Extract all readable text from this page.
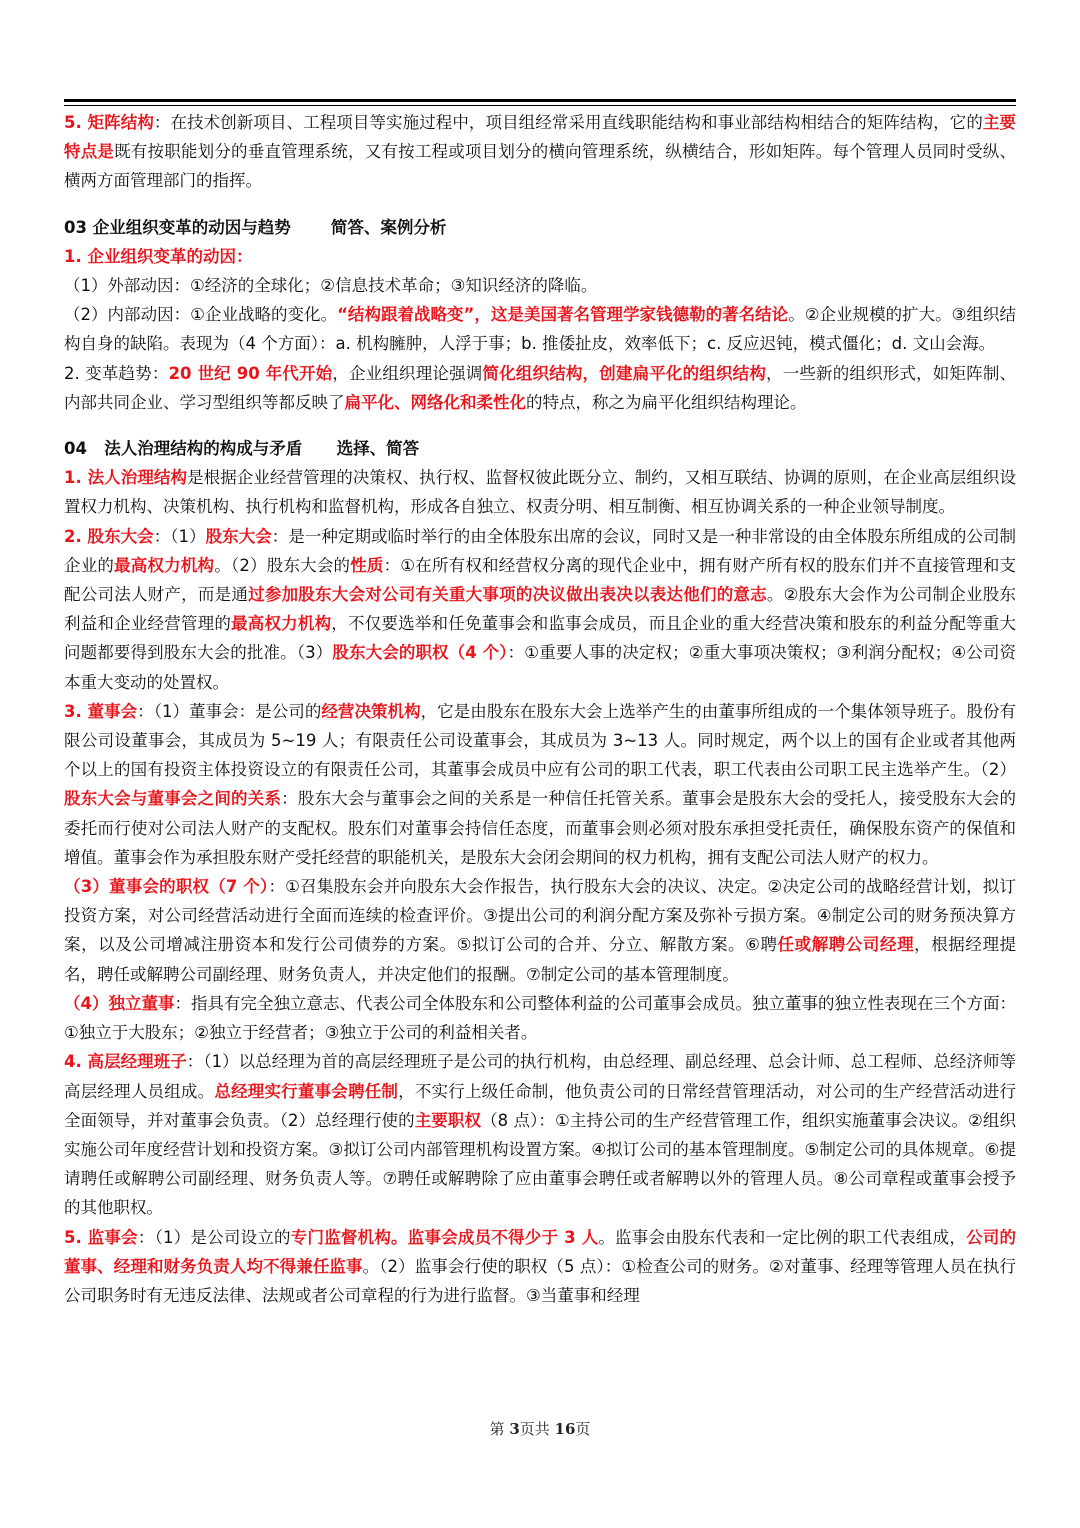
5. 矩阵结构：在技术创新项目、工程项目等实施过程中，项目组经常采用直线职能结构和事业部结构相结合的矩阵结构，它的主要特点是既有按职能划分的垂直管理系统，又有按工程或项目划分的横向管理系统，纵横结合，形如矩阵。每个管理人员同时受纵、横两方面管理部门的指挥。

03 企业组织变革的动因与趋势       简答、案例分析

1. 企业组织变革的动因：

（1）外部动因：①经济的全球化；②信息技术革命；③知识经济的降临。

（2）内部动因：①企业战略的变化。“结构跟着战略变”，这是美国著名管理学家钱德勒的著名结论。②企业规模的扩大。③组织结构自身的缺陷。表现为（4 个方面）：a. 机构臃肿，人浮于事；b. 推倭扯皮，效率低下；c. 反应迟钝，模式僵化；d. 文山会海。

2. 变革趋势：20 世纪 90 年代开始，企业组织理论强调简化组织结构，创建扁平化的组织结构，一些新的组织形式，如矩阵制、内部共同企业、学习型组织等都反映了扁平化、网络化和柔性化的特点，称之为扁平化组织结构理论。

04   法人治理结构的构成与矛盾      选择、简答

1. 法人治理结构是根据企业经营管理的决策权、执行权、监督权彼此既分立、制约，又相互联结、协调的原则，在企业高层组织设置权力机构、决策机构、执行机构和监督机构，形成各自独立、权责分明、相互制衡、相互协调关系的一种企业领导制度。

2. 股东大会：（1）股东大会：是一种定期或临时举行的由全体股东出席的会议，同时又是一种非常设的由全体股东所组成的公司制企业的最高权力机构。（2）股东大会的性质：①在所有权和经营权分离的现代企业中，拥有财产所有权的股东们并不直接管理和支配公司法人财产，而是通过参加股东大会对公司有关重大事项的决议做出表决以表达他们的意志。②股东大会作为公司制企业股东利益和企业经营管理的最高权力机构，不仅要选举和任免董事会和监事会成员，而且企业的重大经营决策和股东的利益分配等重大问题都要得到股东大会的批准。（3）股东大会的职权（4 个）：①重要人事的决定权；②重大事项决策权；③利润分配权；④公司资本重大变动的处置权。

3. 董事会：（1）董事会：是公司的经营决策机构，它是由股东在股东大会上选举产生的由董事所组成的一个集体领导班子。股份有限公司设董事会，其成员为 5~19 人；有限责任公司设董事会，其成员为 3~13 人。同时规定，两个以上的国有企业或者其他两个以上的国有投资主体投资设立的有限责任公司，其董事会成员中应有公司的职工代表，职工代表由公司职工民主选举产生。（2）股东大会与董事会之间的关系：股东大会与董事会之间的关系是一种信任托管关系。董事会是股东大会的受托人，接受股东大会的委托而行使对公司法人财产的支配权。股东们对董事会持信任态度，而董事会则必须对股东承担受托责任，确保股东资产的保值和增值。董事会作为承担股东财产受托经营的职能机关，是股东大会闭会期间的权力机构，拥有支配公司法人财产的权力。

（3）董事会的职权（7 个）：①召集股东会并向股东大会作报告，执行股东大会的决议、决定。②决定公司的战略经营计划，拟订投资方案，对公司经营活动进行全面而连续的检查评价。③提出公司的利润分配方案及弥补亏损方案。④制定公司的财务预决算方案，以及公司增减注册资本和发行公司债券的方案。⑤拟订公司的合并、分立、解散方案。⑥聘任或解聘公司经理，根据经理提名，聘任或解聘公司副经理、财务负责人，并决定他们的报酬。⑦制定公司的基本管理制度。

（4）独立董事：指具有完全独立意志、代表公司全体股东和公司整体利益的公司董事会成员。独立董事的独立性表现在三个方面：①独立于大股东；②独立于经营者；③独立于公司的利益相关者。

4. 高层经理班子：（1）以总经理为首的高层经理班子是公司的执行机构，由总经理、副总经理、总会计师、总工程师、总经济师等高层经理人员组成。总经理实行董事会聘任制，不实行上级任命制，他负责公司的日常经营管理活动，对公司的生产经营活动进行全面领导，并对董事会负责。（2）总经理行使的主要职权（8 点）：①主持公司的生产经营管理工作，组织实施董事会决议。②组织实施公司年度经营计划和投资方案。③拟订公司内部管理机构设置方案。④拟订公司的基本管理制度。⑤制定公司的具体规章。⑥提请聘任或解聘公司副经理、财务负责人等。⑦聘任或解聘除了应由董事会聘任或者解聘以外的管理人员。⑧公司章程或董事会授予的其他职权。

5. 监事会：（1）是公司设立的专门监督机构。监事会成员不得少于 3 人。监事会由股东代表和一定比例的职工代表组成，公司的董事、经理和财务负责人均不得兼任监事。（2）监事会行使的职权（5 点）：①检查公司的财务。②对董事、经理等管理人员在执行公司职务时有无违反法律、法规或者公司章程的行为进行监督。③当董事和经理

第 3页共 16页
